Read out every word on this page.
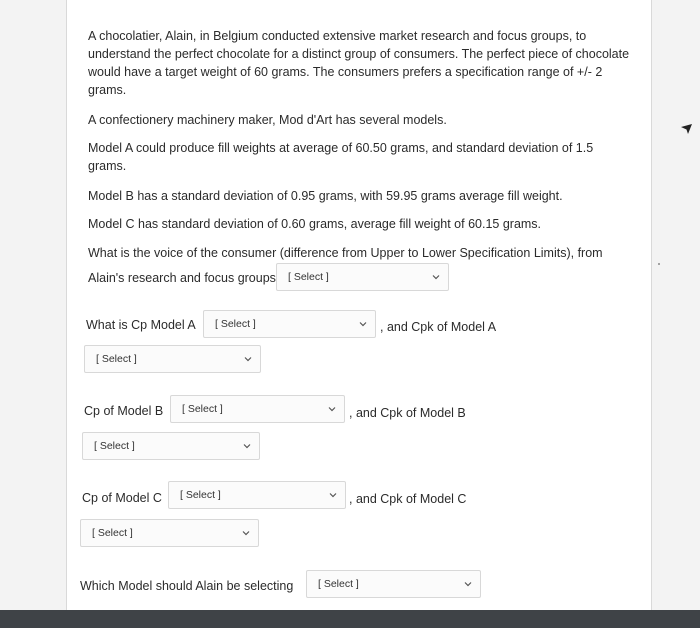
A chocolatier, Alain, in Belgium conducted extensive market research and focus groups, to understand the perfect chocolate for a distinct group of consumers. The perfect piece of chocolate would have a target weight of 60 grams. The consumers prefers a specification range of +/- 2 grams.
A confectionery machinery maker, Mod d'Art has several models.
Model A could produce fill weights at average of 60.50 grams, and standard deviation of 1.5 grams.
Model B has a standard deviation of 0.95 grams, with 59.95 grams average fill weight.
Model C has standard deviation of 0.60 grams, average fill weight of 60.15 grams.
What is the voice of the consumer (difference from Upper to Lower Specification Limits), from
Alain's research and focus groups [ Select ]
What is Cp Model A [ Select ]	, and Cpk of Model A
[ Select ]
Cp of Model B [ Select ]	, and Cpk of Model B
[ Select ]
Cp of Model C [ Select ]	, and Cpk of Model C
[ Select ]
Which Model should Alain be selecting [ Select ]
